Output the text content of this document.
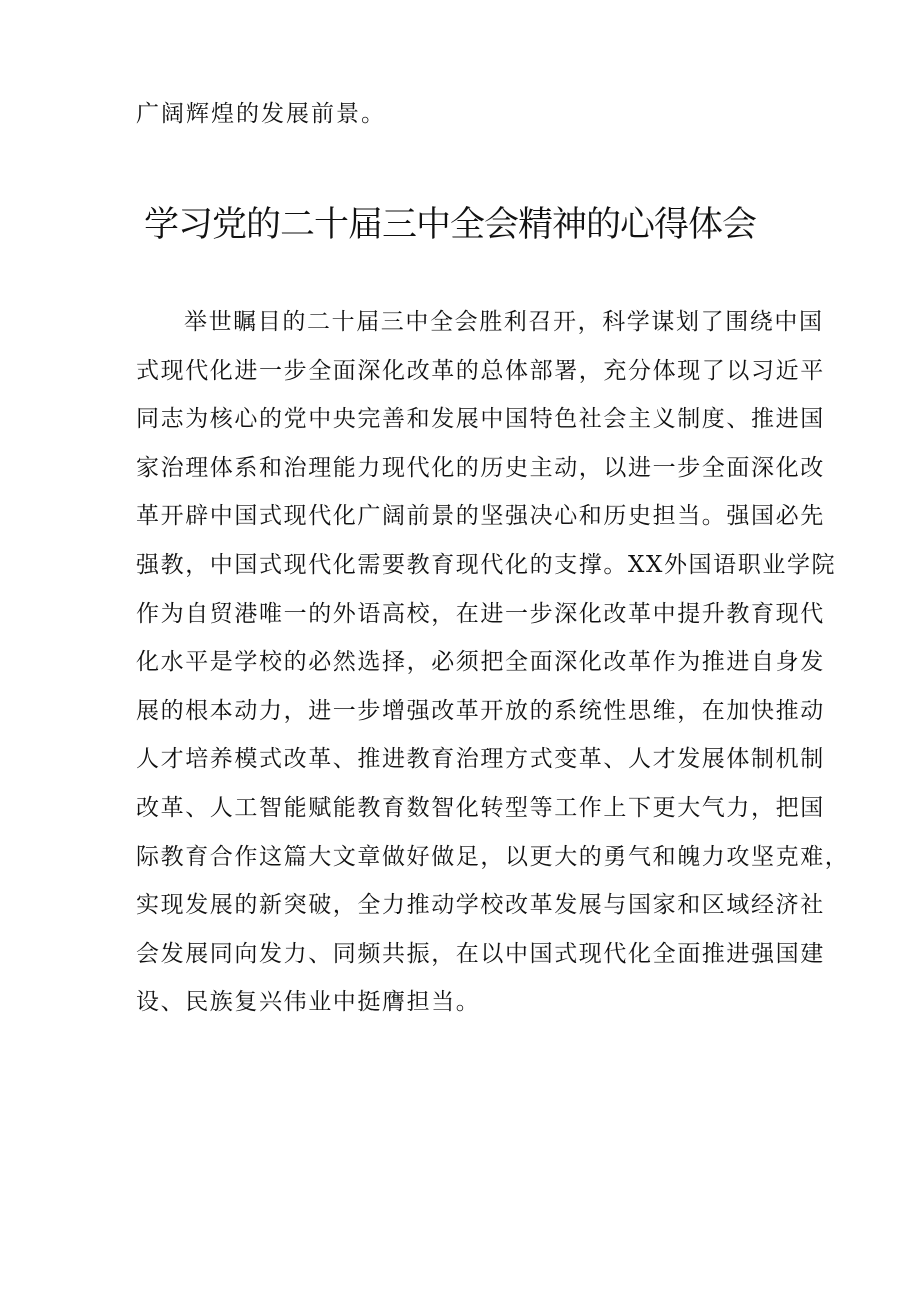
广阔辉煌的发展前景。
学习党的二十届三中全会精神的心得体会
举世瞩目的二十届三中全会胜利召开，科学谋划了围绕中国
式现代化进一步全面深化改革的总体部署，充分体现了以习近平
同志为核心的党中央完善和发展中国特色社会主义制度、推进国
家治理体系和治理能力现代化的历史主动，以进一步全面深化改
革开辟中国式现代化广阔前景的坚强决心和历史担当。强国必先
强教，中国式现代化需要教育现代化的支撑。XX外国语职业学院
作为自贸港唯一的外语高校，在进一步深化改革中提升教育现代
化水平是学校的必然选择，必须把全面深化改革作为推进自身发
展的根本动力，进一步增强改革开放的系统性思维，在加快推动
人才培养模式改革、推进教育治理方式变革、人才发展体制机制
改革、人工智能赋能教育数智化转型等工作上下更大气力，把国
际教育合作这篇大文章做好做足，以更大的勇气和魄力攻坚克难，
实现发展的新突破，全力推动学校改革发展与国家和区域经济社
会发展同向发力、同频共振，在以中国式现代化全面推进强国建
设、民族复兴伟业中挺膺担当。
